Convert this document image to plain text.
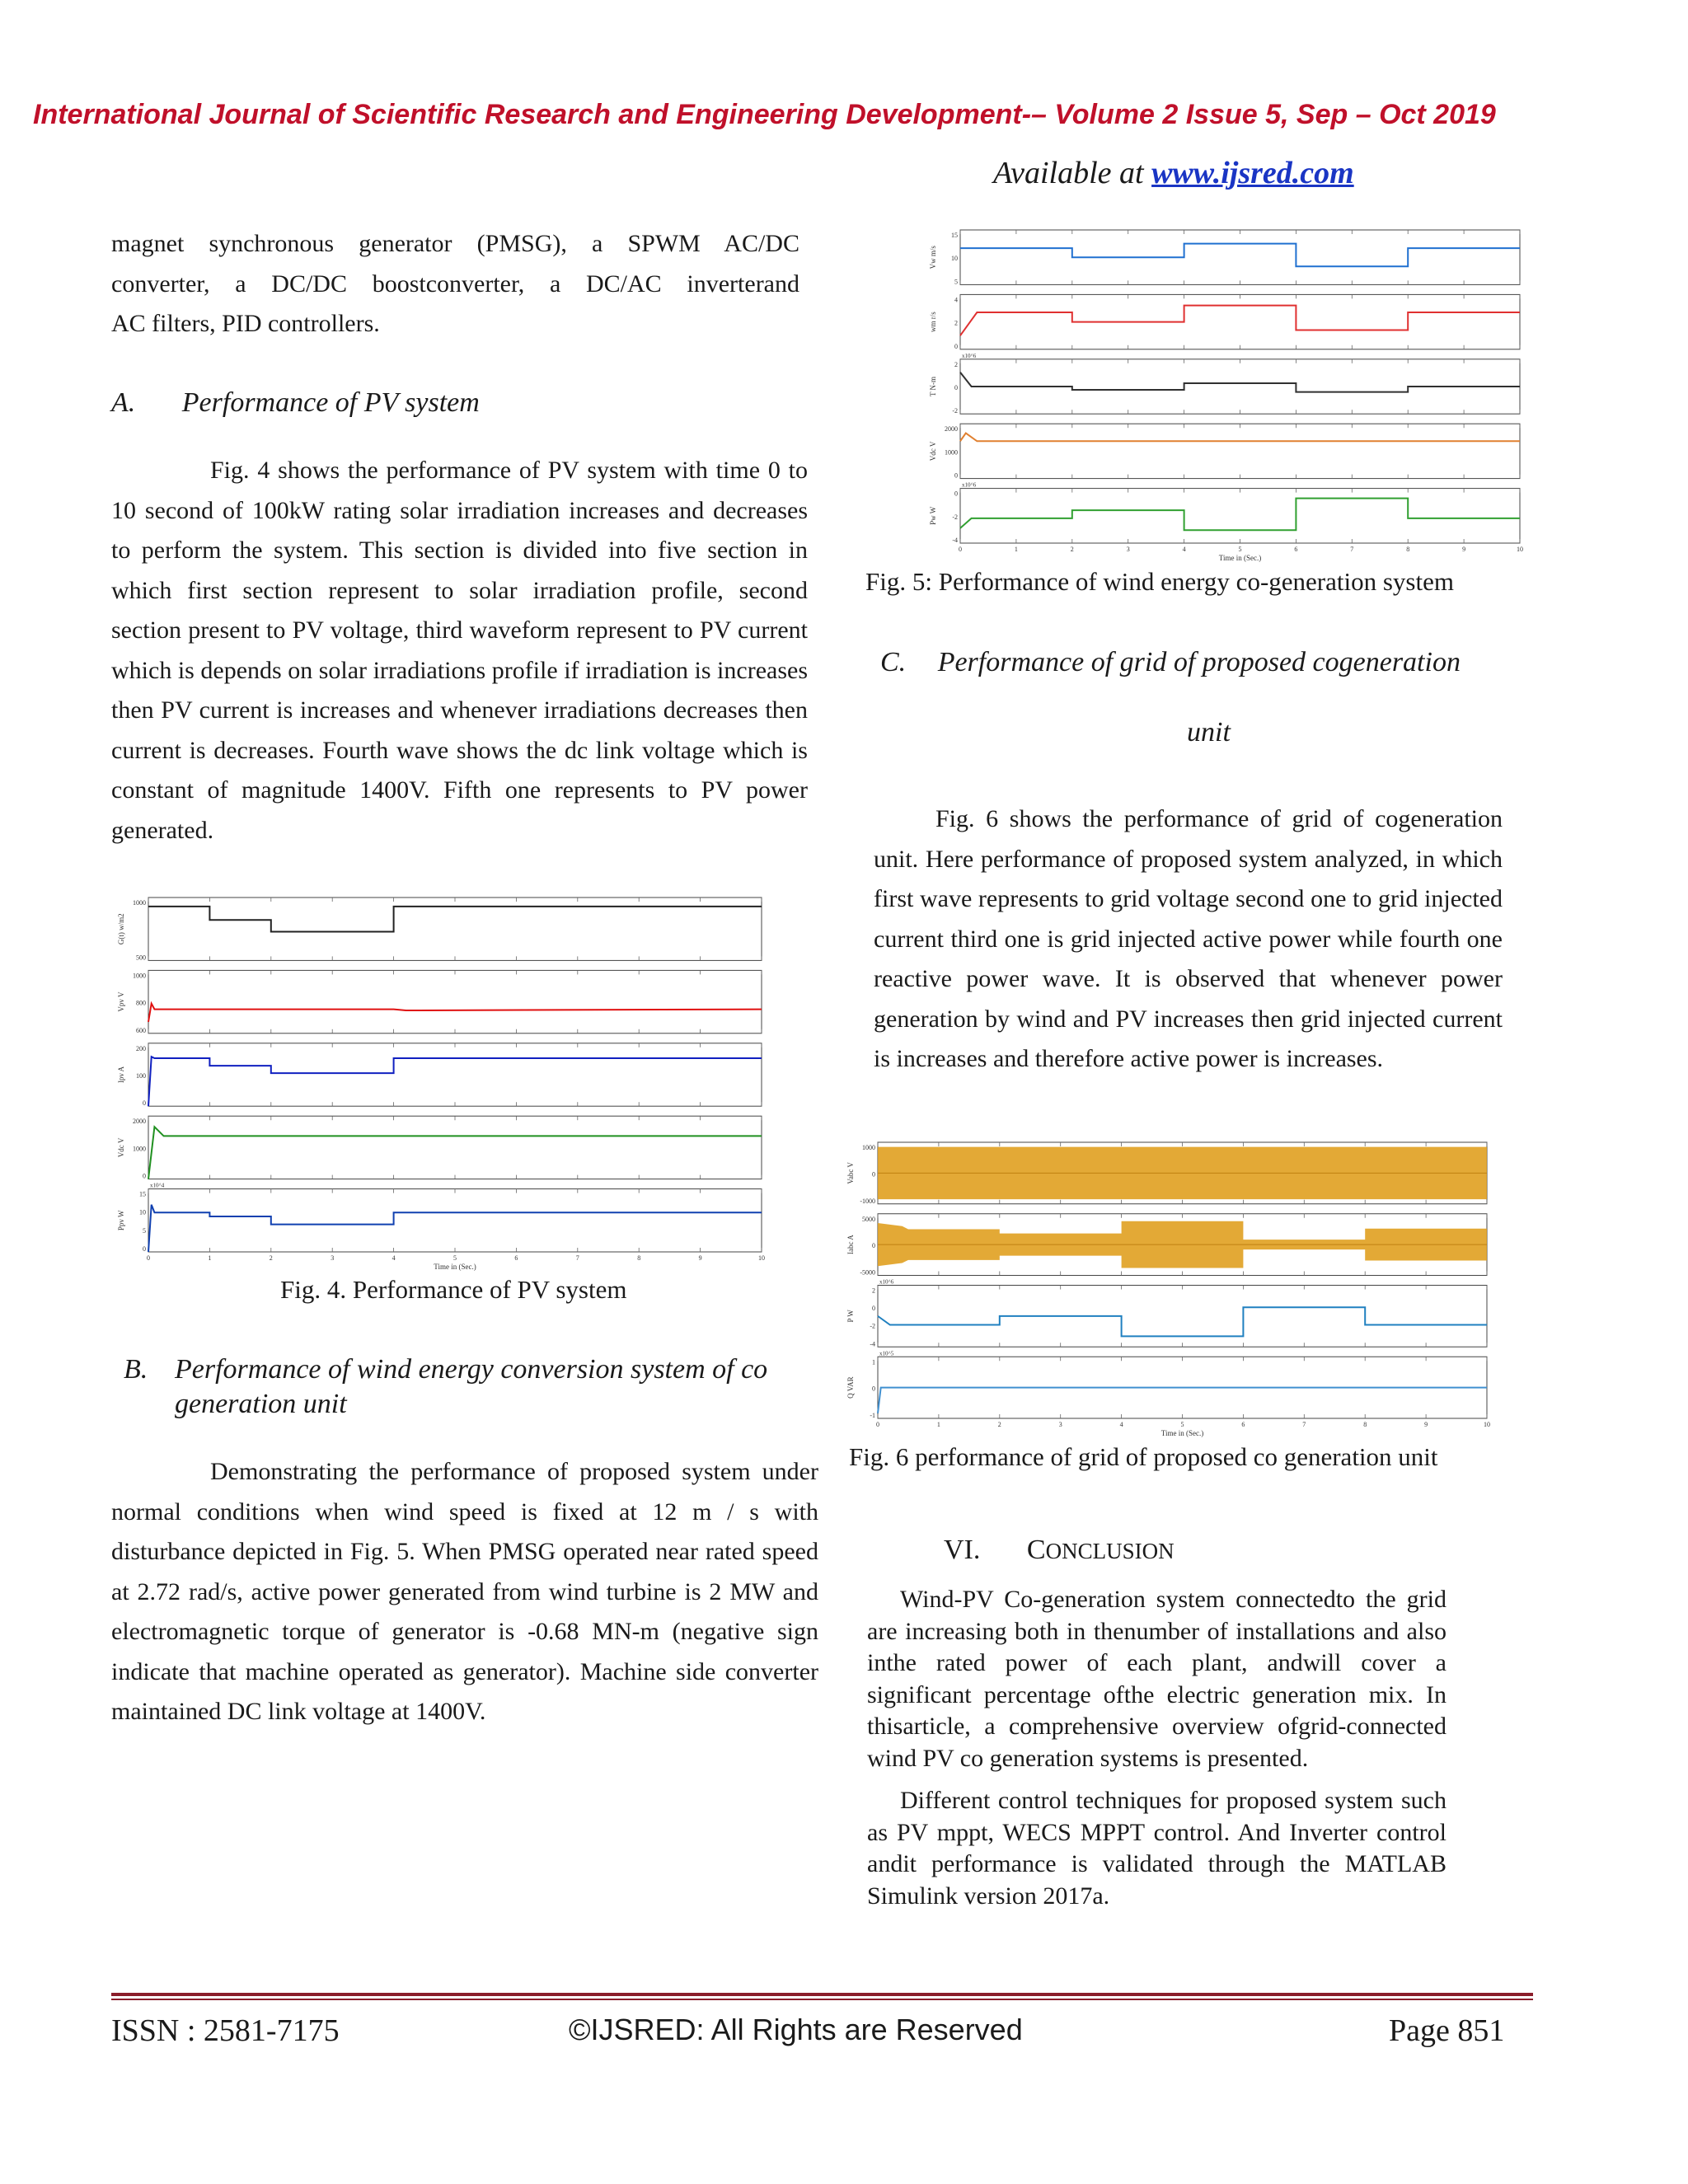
International Journal of Scientific Research and Engineering Development-– Volume 2 Issue 5, Sep – Oct 2019
Available at www.ijsred.com

magnet synchronous generator (PMSG), a SPWM AC/DC

converter, a DC/DC boostconverter, a DC/AC inverterand

AC filters, PID controllers.

A. Performance of PV system

Fig. 4 shows the performance of PV system with time 0 to 10 second of 100kW rating solar irradiation increases and decreases to perform the system. This section is divided into five section in which first section represent to solar irradiation profile, second section present to PV voltage, third waveform represent to PV current which is depends on solar irradiations profile if irradiation is increases then PV current is increases and whenever irradiations decreases then current is decreases. Fourth wave shows the dc link voltage which is constant of magnitude 1400V. Fifth one represents to PV power generated.

1000
500
G(t) w/m2
1000
800
600
Vpv V
200
100
0
Ipv A
2000
1000
0
Vdc V
15
10
5
0
Ppv W
x10^4
0	1	2	3	4	5	6	7	8	9	10
Time in (Sec.)
Fig. 4. Performance of PV system
B. Performance of wind energy conversion system of co
generation unit

Demonstrating the performance of proposed system under normal conditions when wind speed is fixed at 12 m / s with disturbance depicted in Fig. 5. When PMSG operated near rated speed at 2.72 rad/s, active power generated from wind turbine is 2 MW and electromagnetic torque of generator is -0.68 MN-m (negative sign indicate that machine operated as generator). Machine side converter maintained DC link voltage at 1400V.

15
10
5
Vw m/s
4
2
0
wm r/s
2
0
-2
T N-m
x10^6
2000
1000
0
Vdc V
0
-2
-4
Pw W
x10^6
0	1	2	3	4	5	6	7	8	9	10
Time in (Sec.)
Fig. 5: Performance of wind energy co-generation system
C. Performance of grid of proposed cogeneration
unit

Fig. 6 shows the performance of grid of cogeneration unit. Here performance of proposed system analyzed, in which first wave represents to grid voltage second one to grid injected current third one is grid injected active power while fourth one reactive power wave. It is observed that whenever power generation by wind and PV increases then grid injected current is increases and therefore active power is increases.

1000
0
-1000
Vabc V
5000
0
-5000
Iabc A
2
0
-2
-4
P W
x10^6
1
0
-1
Q VAR
x10^5
0	1	2	3	4	5	6	7	8	9	10
Time in (Sec.)
Fig. 6 performance of grid of proposed co generation unit
VI. CONCLUSION

Wind-PV Co-generation system connectedto the grid are increasing both in thenumber of installations and also inthe rated power of each plant, andwill cover a significant percentage ofthe electric generation mix. In thisarticle, a comprehensive overview ofgrid-connected wind PV co generation systems is presented.

Different control techniques for proposed system such as PV mppt, WECS MPPT control. And Inverter control andit performance is validated through the MATLAB Simulink version 2017a.

ISSN : 2581-7175	©IJSRED: All Rights are Reserved	Page 851
